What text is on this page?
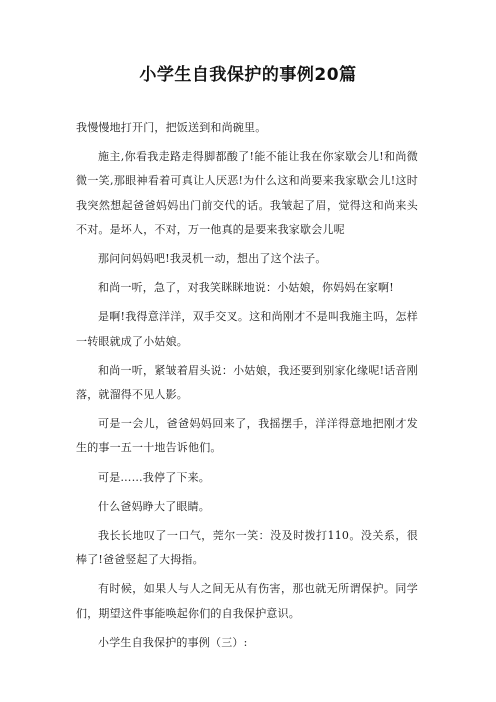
小学生自我保护的事例20篇

我慢慢地打开门，把饭送到和尚碗里。

施主,你看我走路走得脚都酸了!能不能让我在你家歇会儿!和尚微微一笑,那眼神看着可真让人厌恶!为什么这和尚要来我家歇会儿!这时我突然想起爸爸妈妈出门前交代的话。我皱起了眉，觉得这和尚来头不对。是坏人，不对，万一他真的是要来我家歇会儿呢

那问问妈妈吧!我灵机一动，想出了这个法子。

和尚一听，急了，对我笑眯眯地说：小姑娘，你妈妈在家啊!

是啊!我得意洋洋，双手交叉。这和尚刚才不是叫我施主吗，怎样一转眼就成了小姑娘。

和尚一听，紧皱着眉头说：小姑娘，我还要到别家化缘呢!话音刚落，就溜得不见人影。

可是一会儿，爸爸妈妈回来了，我摇摆手，洋洋得意地把刚才发生的事一五一十地告诉他们。

可是……我停了下来。

什么爸妈睁大了眼睛。

我长长地叹了一口气，莞尔一笑：没及时拨打110。没关系，很棒了!爸爸竖起了大拇指。

有时候，如果人与人之间无从有伤害，那也就无所谓保护。同学们，期望这件事能唤起你们的自我保护意识。

小学生自我保护的事例（三）:
